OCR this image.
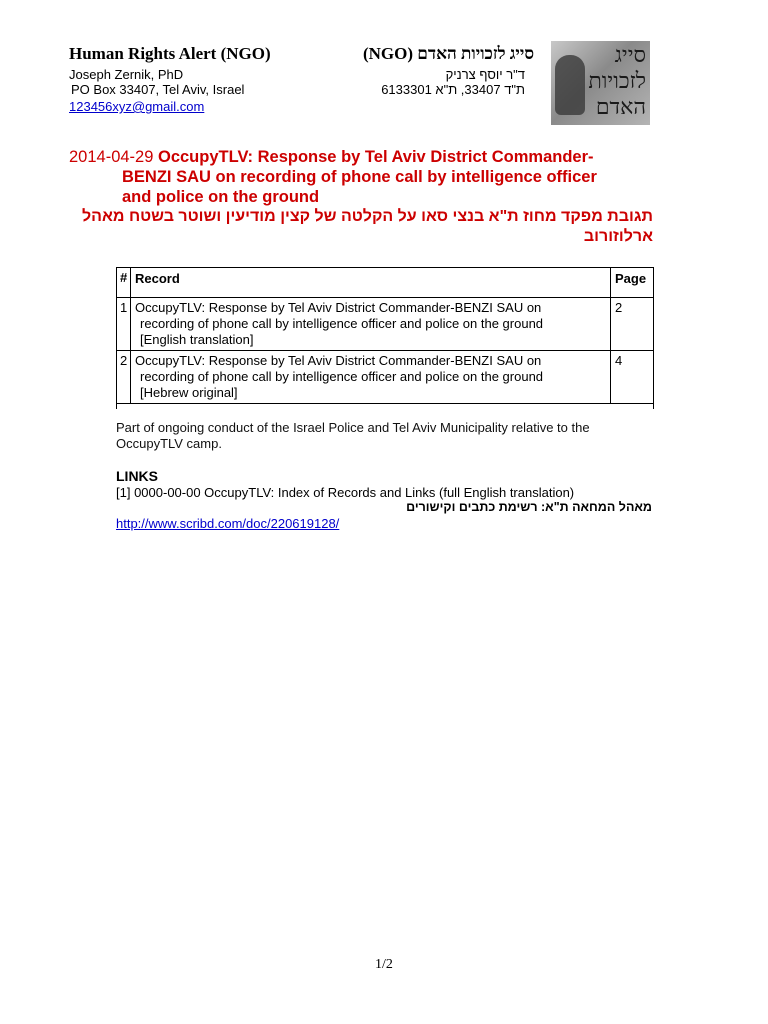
Human Rights Alert (NGO)	סייג לזכויות האדם (NGO)
Joseph Zernik, PhD
PO Box 33407, Tel Aviv, Israel
123456xyz@gmail.com
ד"ר יוסף צרניק
ת"ד 33407, ת"א 6133301
סייג לזכויות האדם
2014-04-29 OccupyTLV: Response by Tel Aviv District Commander-
BENZI SAU on recording of phone call by intelligence officer
and police on the ground
תגובת מפקד מחוז ת"א בנצי סאו על הקלטה של קצין מודיעין ושוטר בשטח מאהל ארלוזורוב
#	Record	Page
1	OccupyTLV: Response by Tel Aviv District Commander-BENZI SAU on
recording of phone call by intelligence officer and police on the ground
[English translation]	2
2	OccupyTLV: Response by Tel Aviv District Commander-BENZI SAU on
recording of phone call by intelligence officer and police on the ground
[Hebrew original]	4
Part of ongoing conduct of the Israel Police and Tel Aviv Municipality relative to the OccupyTLV camp.
LINKS
[1] 0000-00-00 OccupyTLV: Index of Records and Links (full English translation)
מאהל המחאה ת"א: רשימת כתבים וקישורים
http://www.scribd.com/doc/220619128/
1/2
